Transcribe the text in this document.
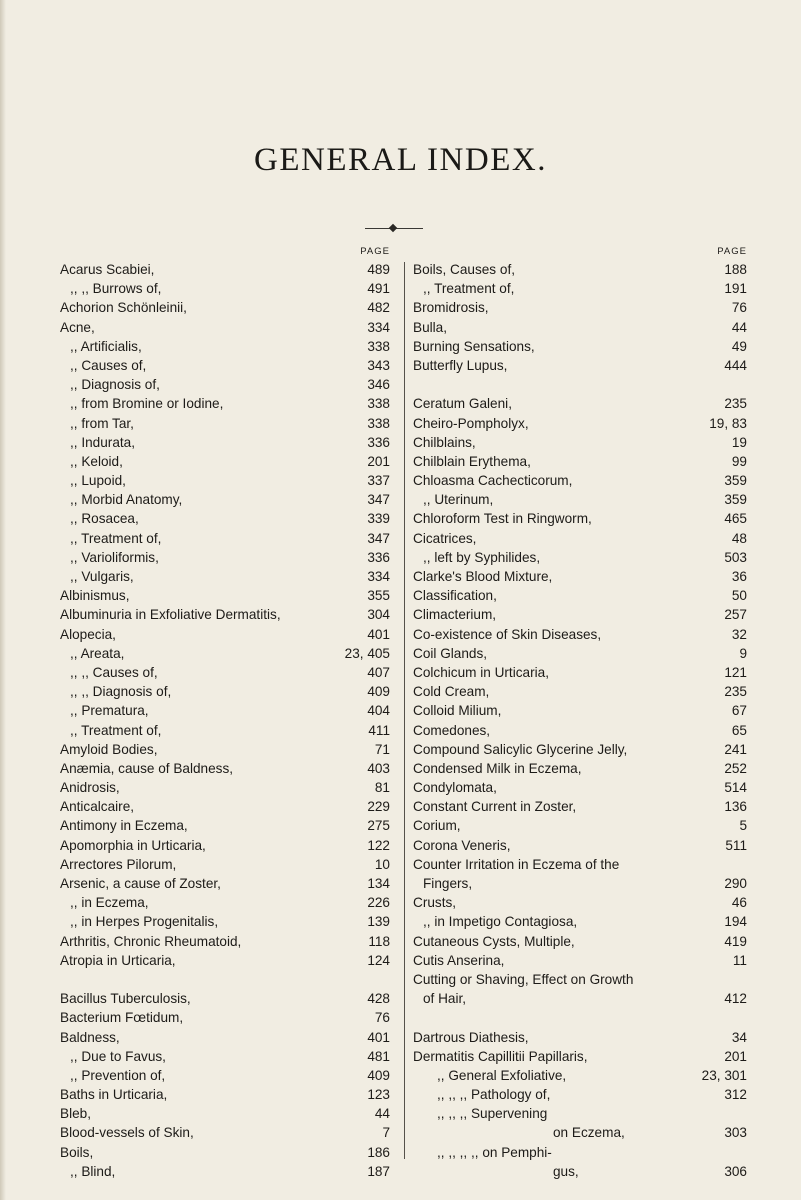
GENERAL INDEX.
PAGE
Acarus Scabiei,	489
,, ,, Burrows of,	491
Achorion Schönleinii,	482
Acne,	334
,, Artificialis,	338
,, Causes of,	343
,, Diagnosis of,	346
,, from Bromine or Iodine,	338
,, from Tar,	338
,, Indurata,	336
,, Keloid,	201
,, Lupoid,	337
,, Morbid Anatomy,	347
,, Rosacea,	339
,, Treatment of,	347
,, Varioliformis,	336
,, Vulgaris,	334
Albinismus,	355
Albuminuria in Exfoliative Dermatitis,	304
Alopecia,	401
,, Areata,	23, 405
,, ,, Causes of,	407
,, ,, Diagnosis of,	409
,, Prematura,	404
,, Treatment of,	411
Amyloid Bodies,	71
Anæmia, cause of Baldness,	403
Anidrosis,	81
Anticalcaire,	229
Antimony in Eczema,	275
Apomorphia in Urticaria,	122
Arrectores Pilorum,	10
Arsenic, a cause of Zoster,	134
,, in Eczema,	226
,, in Herpes Progenitalis,	139
Arthritis, Chronic Rheumatoid,	118
Atropia in Urticaria,	124
Bacillus Tuberculosis,	428
Bacterium Fœtidum,	76
Baldness,	401
,, Due to Favus,	481
,, Prevention of,	409
Baths in Urticaria,	123
Bleb,	44
Blood-vessels of Skin,	7
Boils,	186
,, Blind,	187
PAGE
Boils, Causes of,	188
,, Treatment of,	191
Bromidrosis,	76
Bulla,	44
Burning Sensations,	49
Butterfly Lupus,	444
Ceratum Galeni,	235
Cheiro-Pompholyx,	19, 83
Chilblains,	19
Chilblain Erythema,	99
Chloasma Cachecticorum,	359
,, Uterinum,	359
Chloroform Test in Ringworm,	465
Cicatrices,	48
,, left by Syphilides,	503
Clarke's Blood Mixture,	36
Classification,	50
Climacterium,	257
Co-existence of Skin Diseases,	32
Coil Glands,	9
Colchicum in Urticaria,	121
Cold Cream,	235
Colloid Milium,	67
Comedones,	65
Compound Salicylic Glycerine Jelly,	241
Condensed Milk in Eczema,	252
Condylomata,	514
Constant Current in Zoster,	136
Corium,	5
Corona Veneris,	511
Counter Irritation in Eczema of the
Fingers,	290
Crusts,	46
,, in Impetigo Contagiosa,	194
Cutaneous Cysts, Multiple,	419
Cutis Anserina,	11
Cutting or Shaving, Effect on Growth
of Hair,	412
Dartrous Diathesis,	34
Dermatitis Capillitii Papillaris,	201
,, General Exfoliative,	23, 301
,, ,, ,, Pathology of,	312
,, ,, ,, Supervening
on Eczema,	303
,, ,, ,, ,, on Pemphi-
gus,	306
